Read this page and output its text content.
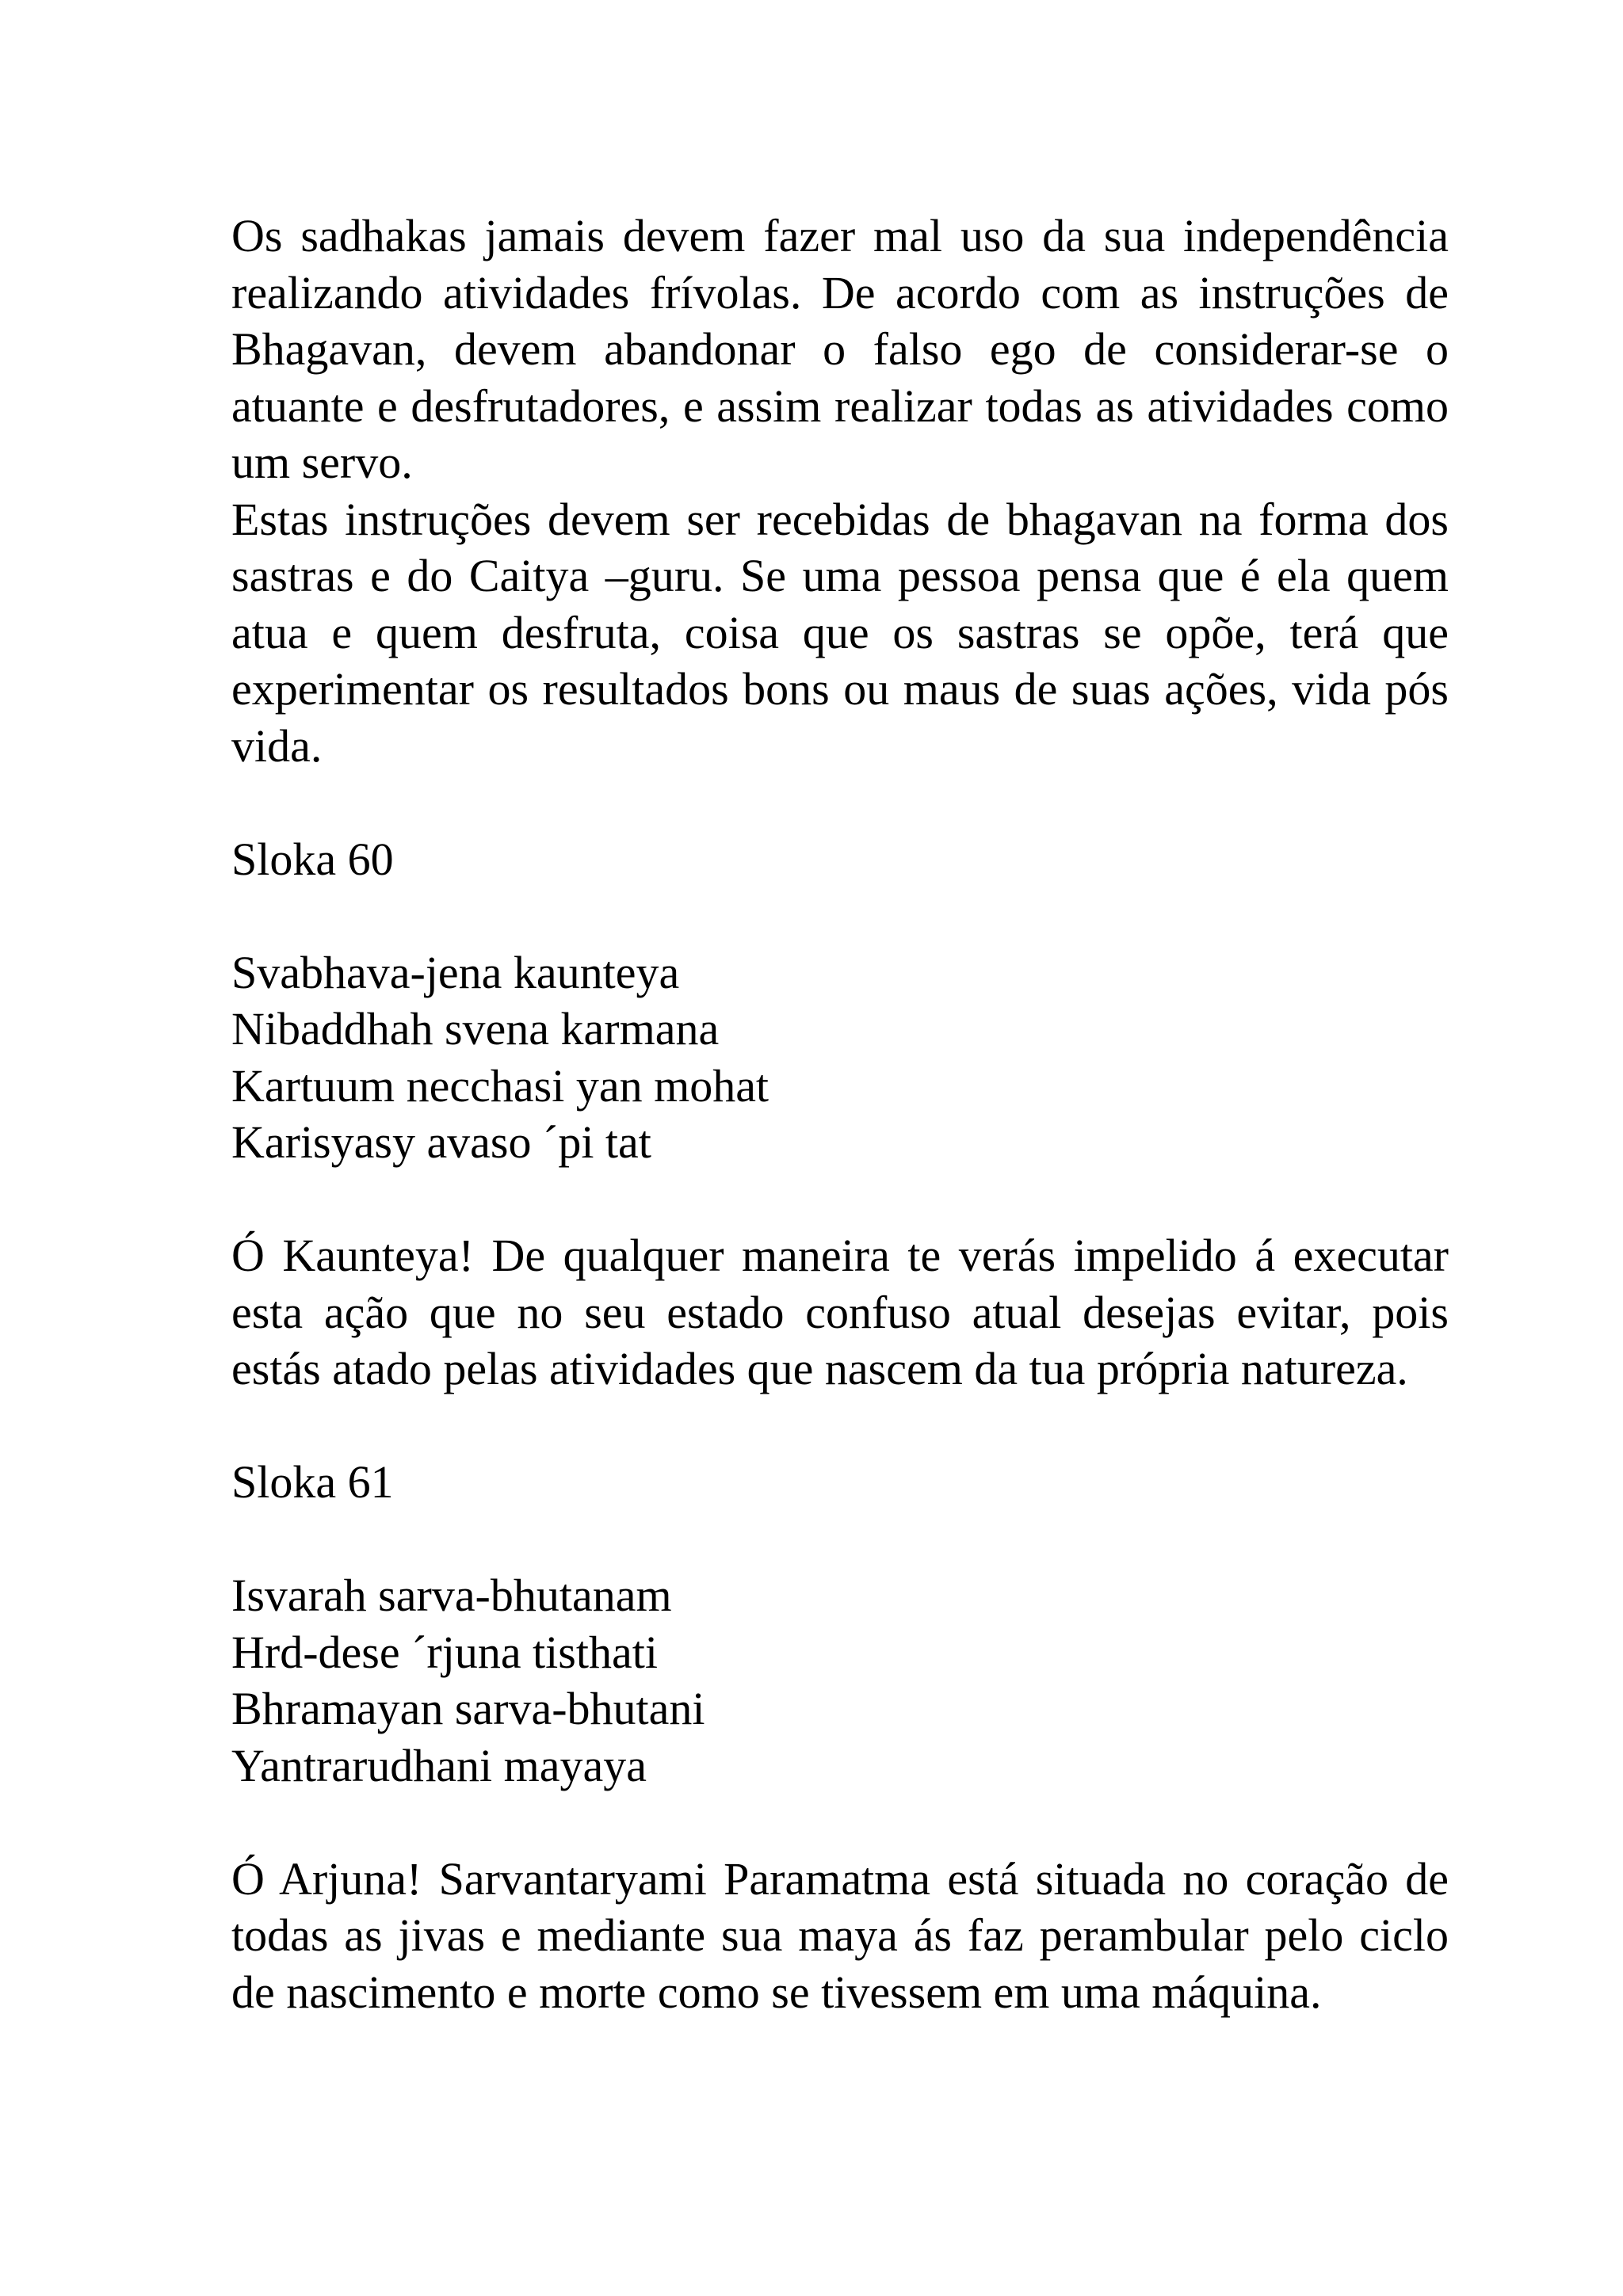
Os sadhakas jamais devem fazer mal uso da sua independência realizando atividades frívolas. De acordo com as instruções de Bhagavan, devem abandonar o falso ego de considerar-se o atuante e desfrutadores, e assim realizar todas as atividades como um servo.

Estas instruções devem ser recebidas de bhagavan na forma dos sastras e do Caitya –guru. Se uma pessoa pensa que é ela quem atua e quem desfruta, coisa que os sastras se opõe, terá que experimentar os resultados bons ou maus de suas ações, vida pós vida.

Sloka 60

Svabhava-jena kaunteya
Nibaddhah svena karmana
Kartuum necchasi yan mohat
Karisyasy avaso ´pi tat

Ó Kaunteya! De qualquer maneira te verás impelido á executar esta ação que no seu estado confuso atual desejas evitar, pois estás atado pelas atividades que nascem da tua própria natureza.

Sloka 61

Isvarah sarva-bhutanam
Hrd-dese ´rjuna tisthati
Bhramayan sarva-bhutani
Yantrarudhani mayaya

Ó Arjuna! Sarvantaryami Paramatma está situada no coração de todas as jivas e mediante sua maya ás faz perambular pelo ciclo de nascimento e morte como se tivessem em uma máquina.
